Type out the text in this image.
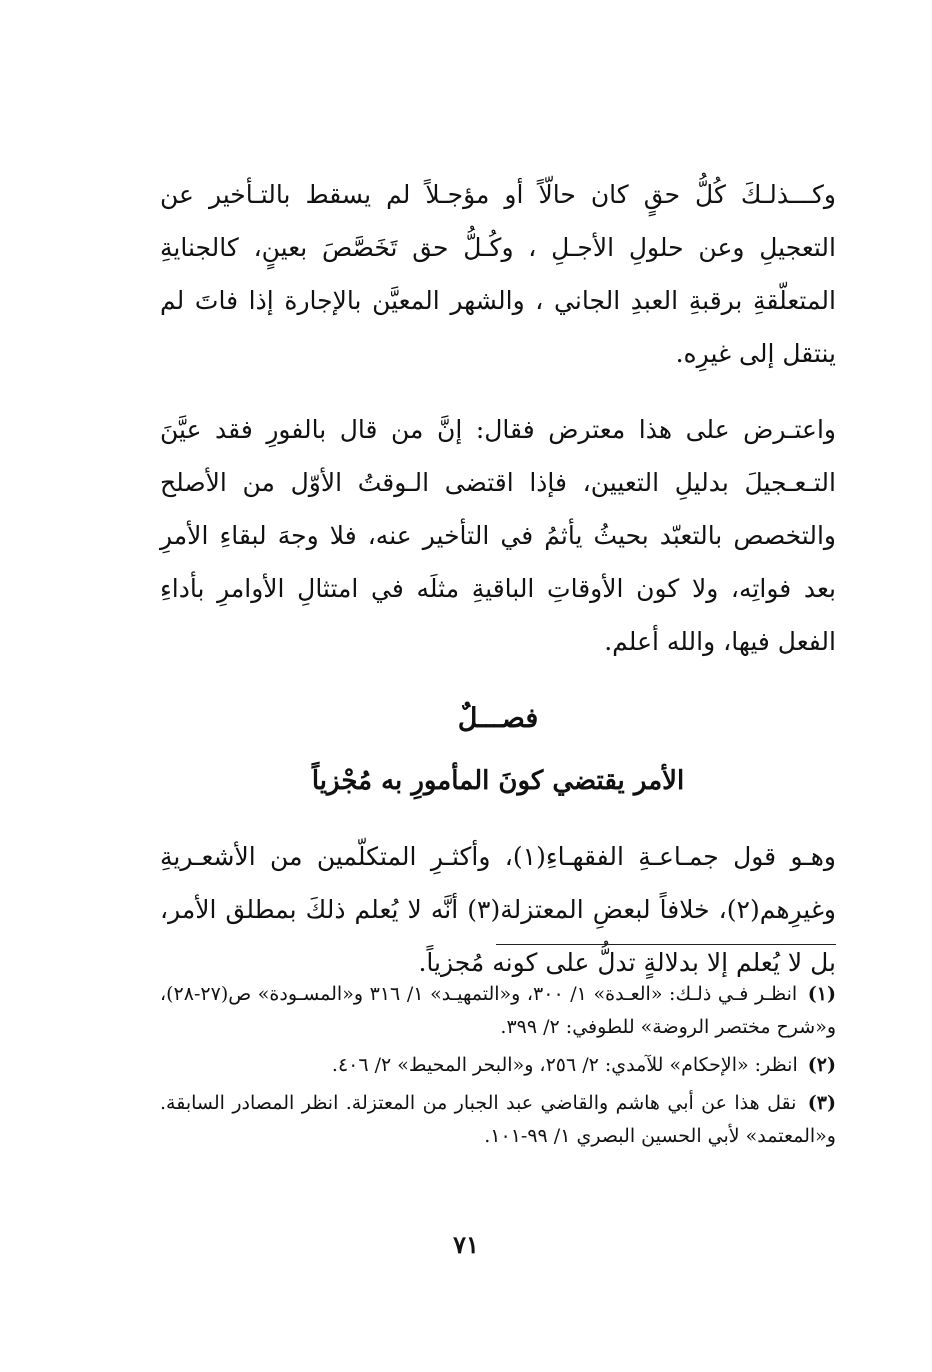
وكـــذلـكَ كُلُّ حقٍ كان حالّاً أو مؤجـلاً لم يسقط بالتـأخير عن التعجيلِ وعن حلولِ الأجـلِ ، وكُـلُّ حق تَخَصَّصَ بعينٍ، كالجنايةِ المتعلّقةِ برقبةِ العبدِ الجاني ، والشهر المعيَّن بالإجارة إذا فاتَ لم ينتقل إلى غيرِه.

واعتـرض على هذا معترض فقال: إنَّ من قال بالفورِ فقد عيَّنَ التـعـجيلَ بدليلِ التعيين، فإذا اقتضى الـوقتُ الأوّل من الأصلح والتخصص بالتعبّد بحيثُ يأثمُ في التأخير عنه، فلا وجهَ لبقاءِ الأمرِ بعد فواتِه، ولا كون الأوقاتِ الباقيةِ مثلَه في امتثالِ الأوامرِ بأداءِ الفعل فيها، والله أعلم.

فصـــلٌ

الأمر يقتضي كونَ المأمورِ به مُجْزياً

وهـو قول جمـاعـةِ الفقهـاءِ(١)، وأكثـرِ المتكلّمين من الأشعـريةِ وغيرِهم(٢)، خلافاً لبعضِ المعتزلة(٣) أنَّه لا يُعلم ذلكَ بمطلق الأمر، بل لا يُعلم إلا بدلالةٍ تدلُّ على كونه مُجزياً.

(١) انظـر فـي ذلـك: «العـدة» ١/ ٣٠٠، و«التمهيـد» ١/ ٣١٦ و«المسـودة» ص(٢٧-٢٨)، و«شرح مختصر الروضة» للطوفي: ٢/ ٣٩٩.

(٢) انظر: «الإحكام» للآمدي: ٢/ ٢٥٦، و«البحر المحيط» ٢/ ٤٠٦.

(٣) نقل هذا عن أبي هاشم والقاضي عبد الجبار من المعتزلة. انظر المصادر السابقة. و«المعتمد» لأبي الحسين البصري ١/ ٩٩-١٠١.

٧١
